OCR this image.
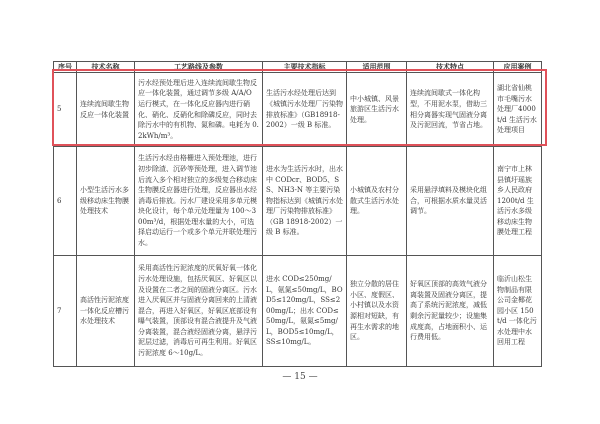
序号	技术名称	工艺路线及参数	主要技术指标	适用范围	技术特点	应用案例
5	连续流间歇生物反应一体化装置	污水经预处理后进入连续流间歇生物反应一体化装置，通过调节多级 A/A/O 运行模式，在一体化反应器内进行硝化、硝化、反硝化和除磷反应，同时去除污水中的有机物、氮和磷。电耗为 0.2kWh/m³。	生活污水经处理后达到《城镇污水处理厂污染物排放标准》（GB18918-2002）一级 B 标准。	中小城镇、风景旅游区生活污水处理。	连续流间歇式一体化构型，不用泥水泵，借助三相分离器实现气固液分离及污泥回流，节省占地。	湖北省仙桃市毛嘴污水处理厂4000 t/d 生活污水处理项目
6	小型生活污水多级移动床生物膜处理技术	生活污水经由格栅进入预处理池，进行初步除渣、沉砂等预处理，进入调节池后流入多个相对独立的多级复合移动床生物膜反应器进行处理，反应器出水经消毒后排放。污水厂建设采用多单元模块化设计，每个单元处理量为 100～300m³/d，根据处理水量的大小，可选择启动运行一个或多个单元并联处理污水。	进水为生活污水时，出水中 CODcr、BOD5、SS、NH3-N 等主要污染物指标达到《城镇污水处理厂污染物排放标准》（GB 18918-2002）一级 B 标准。	小城镇及农村分散式生活污水处理。	采用悬浮填料及模块化组合，可根据水质水量灵活调节。	南宁市上林县镇圩瑶族乡人民政府 1200t/d 生活污水多级移动床生物膜处理工程
7	高活性污泥浓度一体化反应槽污水处理技术	采用高活性污泥浓度的厌氧好氧一体化污水处理设施，包括厌氧区、好氧区以及设置在二者之间的固液分离区。污水进入厌氧区并与固液分离回来的上清液混合，再进入好氧区，好氧区底部设有曝气装置，顶部设有混合液提升及气液分离装置，混合液经固液分离，悬浮污泥层过滤，消毒后可再生利用。好氧区污泥浓度 6～10g/L。	进水 COD≤250mg/L，氨氮≤50mg/L，BOD5≤120mg/L，SS≤200mg/L；出水 COD≤50mg/L，氨氮≤5mg/L，BOD5≤10mg/L，SS≤10mg/L。	独立分散的居住小区、度假区、小村镇以及水资源相对短缺，有再生水需求的地区。	好氧区顶部的高效气液分离装置及固液分离区，提高了系统污泥浓度，减低剩余污泥量较少；设施集成度高，占地面积小、运行费用低。	临沂山松生物制品有限公司金椰花园小区 150t/d 一体化污水处理中水回用工程
— 15 —
